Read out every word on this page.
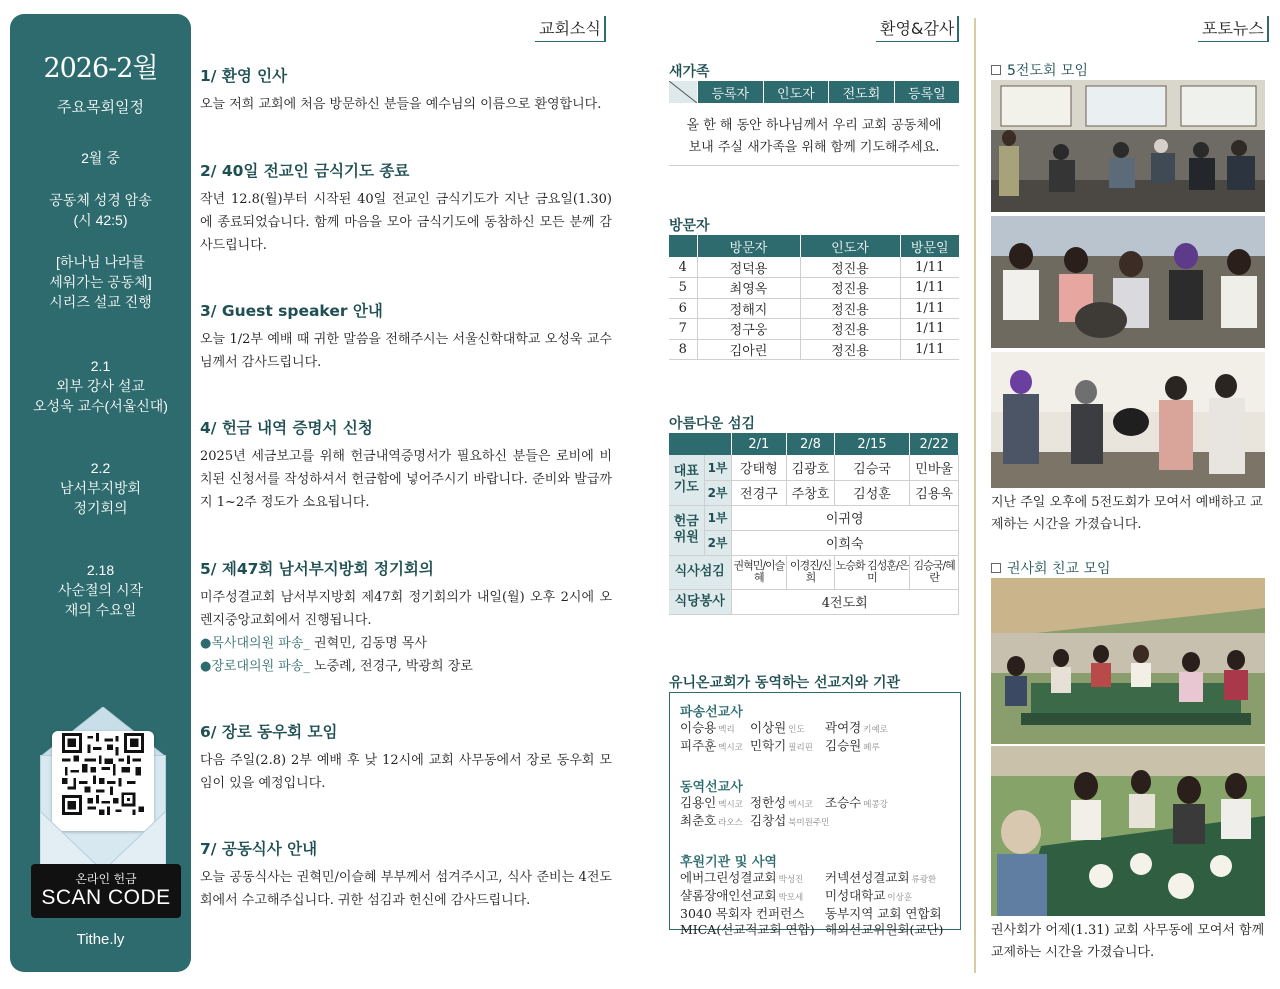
2026-2월
주요목회일정
2월 중
공동체 성경 암송
(시 42:5)
[하나님 나라를
세워가는 공동체]
시리즈 설교 진행
2.1
외부 강사 설교
오성욱 교수(서울신대)
2.2
남서부지방회
정기회의
2.18
사순절의 시작
재의 수요일
온라인 헌금
SCAN CODE
Tithe.ly
교회소식	환영&감사	포토뉴스
1/ 환영 인사

오늘 저희 교회에 처음 방문하신 분들을 예수님의 이름으로 환영합니다.

2/ 40일 전교인 금식기도 종료

작년 12.8(월)부터 시작된 40일 전교인 금식기도가 지난 금요일(1.30)에 종료되었습니다. 함께 마음을 모아 금식기도에 동참하신 모든 분께 감사드립니다.

3/ Guest speaker 안내

오늘 1/2부 예배 때 귀한 말씀을 전해주시는 서울신학대학교 오성욱 교수님께서 감사드립니다.

4/ 헌금 내역 증명서 신청

2025년 세금보고를 위해 헌금내역증명서가 필요하신 분들은 로비에 비치된 신청서를 작성하셔서 헌금함에 넣어주시기 바랍니다. 준비와 발급까지 1~2주 정도가 소요됩니다.

5/ 제47회 남서부지방회 정기회의

미주성결교회 남서부지방회 제47회 정기회의가 내일(월) 오후 2시에 오렌지중앙교회에서 진행됩니다.

●목사대의원 파송_ 권혁민, 김동명 목사
●장로대의원 파송_ 노중례, 전경구, 박광희 장로
6/ 장로 동우회 모임

다음 주일(2.8) 2부 예배 후 낮 12시에 교회 사무동에서 장로 동우회 모임이 있을 예정입니다.

7/ 공동식사 안내

오늘 공동식사는 권혁민/이슬혜 부부께서 섬겨주시고, 식사 준비는 4전도회에서 수고해주십니다. 귀한 섬김과 헌신에 감사드립니다.

새가족
	등록자	인도자	전도회	등록일
올 한 해 동안 하나님께서 우리 교회 공동체에
보내 주실 새가족을 위해 함께 기도해주세요.
방문자
	방문자	인도자	방문일
4	정덕용	정진용	1/11
5	최영옥	정진용	1/11
6	정해지	정진용	1/11
7	정구웅	정진용	1/11
8	김아린	정진용	1/11
아름다운 섬김
		2/1	2/8	2/15	2/22
대표기도	1부	강태형	김광호	김승국	민바울
	2부	전경구	주창호	김성훈	김용욱
헌금위원	1부	이귀영			
	2부	이희숙			
식사섬김		권혁민/이슬혜	이경진/신희	노승화 김성훈/은미	김승국/혜란
식당봉사		4전도회			
유니온교회가 동역하는 선교지와 기관
파송선교사
이승용 멕리	이상원 인도	곽여경 키예로
피주훈 멕시코 민학기 필리핀 김승원 페루
동역선교사
김용인 멕시코 정한성 멕시코 조승수 메콩강
최춘호 라오스 김창섭 북미원주민
후원기관 및 사역
에버그린성결교회 박성진	커넥션성결교회 류광환
샬롬장애인선교회 박모세	미성대학교 이상훈
3040 목회자 컨퍼런스	동부지역 교회 연합회
MICA(선교적교회 연합) 해외선교위원회(교단)
5전도회 모임
지난 주일 오후에 5전도회가 모여서 예배하고 교제하는 시간을 가졌습니다.
권사회 친교 모임
권사회가 어제(1.31) 교회 사무동에 모여서 함께 교제하는 시간을 가졌습니다.
